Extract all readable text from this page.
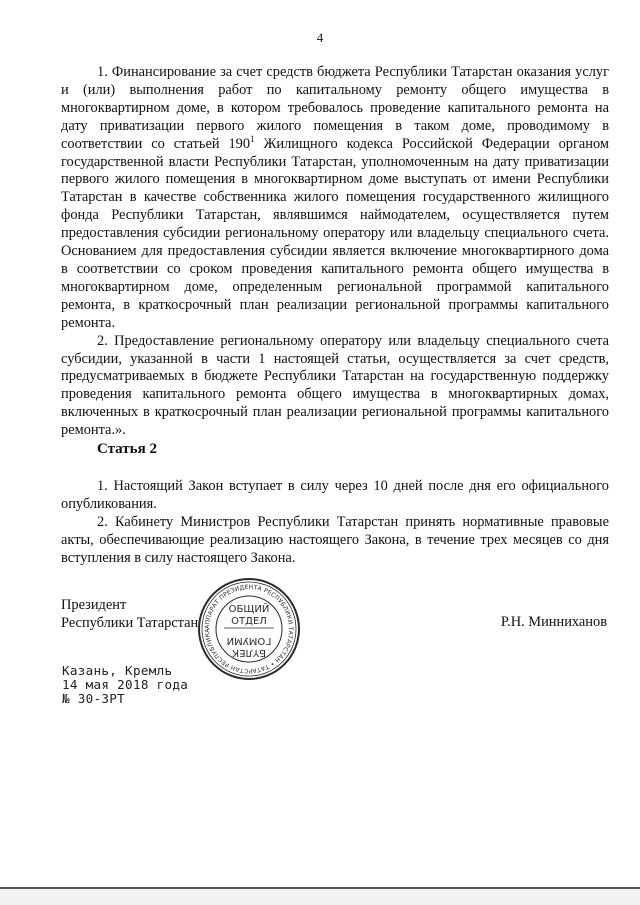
4

1. Финансирование за счет средств бюджета Республики Татарстан оказания услуг и (или) выполнения работ по капитальному ремонту общего имущества в многоквартирном доме, в котором требовалось проведение капитального ремонта на дату приватизации первого жилого помещения в таком доме, проводимому в соответствии со статьей $190^1$ Жилищного кодекса Российской Федерации органом государственной власти Республики Татарстан, уполномоченным на дату приватизации первого жилого помещения в многоквартирном доме выступать от имени Республики Татарстан в качестве собственника жилого помещения государственного жилищного фонда Республики Татарстан, являвшимся наймодателем, осуществляется путем предоставления субсидии региональному оператору или владельцу специального счета. Основанием для предоставления субсидии является включение многоквартирного дома в соответствии со сроком проведения капитального ремонта общего имущества в многоквартирном доме, определенным региональной программой капитального ремонта, в краткосрочный план реализации региональной программы капитального ремонта.

2. Предоставление региональному оператору или владельцу специального счета субсидии, указанной в части 1 настоящей статьи, осуществляется за счет средств, предусматриваемых в бюджете Республики Татарстан на государственную поддержку проведения капитального ремонта общего имущества в многоквартирных домах, включенных в краткосрочный план реализации региональной программы капитального ремонта.».

Статья 2

1. Настоящий Закон вступает в силу через 10 дней после дня его официального опубликования.

2. Кабинету Министров Республики Татарстан принять нормативные правовые акты, обеспечивающие реализацию настоящего Закона, в течение трех месяцев со дня вступления в силу настоящего Закона.

Президент
Республики Татарстан	Р.Н. Минниханов
Казань, Кремль
14 мая 2018 года
№ 30-ЗРТ
АППАРАТ ПРЕЗИДЕНТА РЕСПУБЛИКИ ТАТАРСТАН • ТАТАРСТАН РЕСПУБЛИКА
ОБЩИЙ
ОТДЕЛ
ГОМУМИ
БҮЛЕК
